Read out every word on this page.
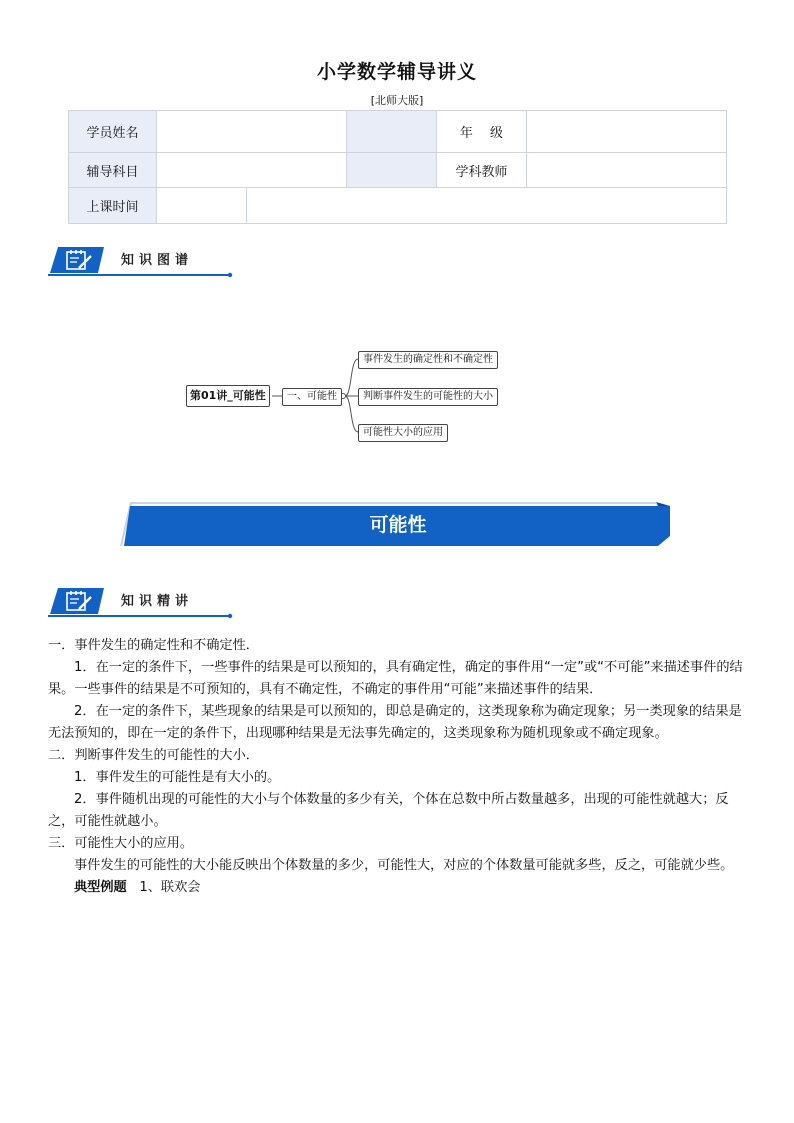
小学数学辅导讲义
[北师大版]
学员姓名				年　 级	
辅导科目				学科教师	
上课时间					
知识图谱
第01讲_可能性	一、可能性
事件发生的确定性和不确定性
判断事件发生的可能性的大小
可能性大小的应用
可能性
知识精讲

一．事件发生的确定性和不确定性．

1．在一定的条件下，一些事件的结果是可以预知的，具有确定性，确定的事件用“一定”或“不可能”来描述事件的结果。一些事件的结果是不可预知的，具有不确定性，不确定的事件用“可能”来描述事件的结果．

2．在一定的条件下，某些现象的结果是可以预知的，即总是确定的，这类现象称为确定现象；另一类现象的结果是无法预知的，即在一定的条件下，出现哪种结果是无法事先确定的，这类现象称为随机现象或不确定现象。

二．判断事件发生的可能性的大小．

1．事件发生的可能性是有大小的。

2．事件随机出现的可能性的大小与个体数量的多少有关，个体在总数中所占数量越多，出现的可能性就越大；反之，可能性就越小。

三．可能性大小的应用。

事件发生的可能性的大小能反映出个体数量的多少，可能性大，对应的个体数量可能就多些，反之，可能就少些。

典型例题 1、联欢会
